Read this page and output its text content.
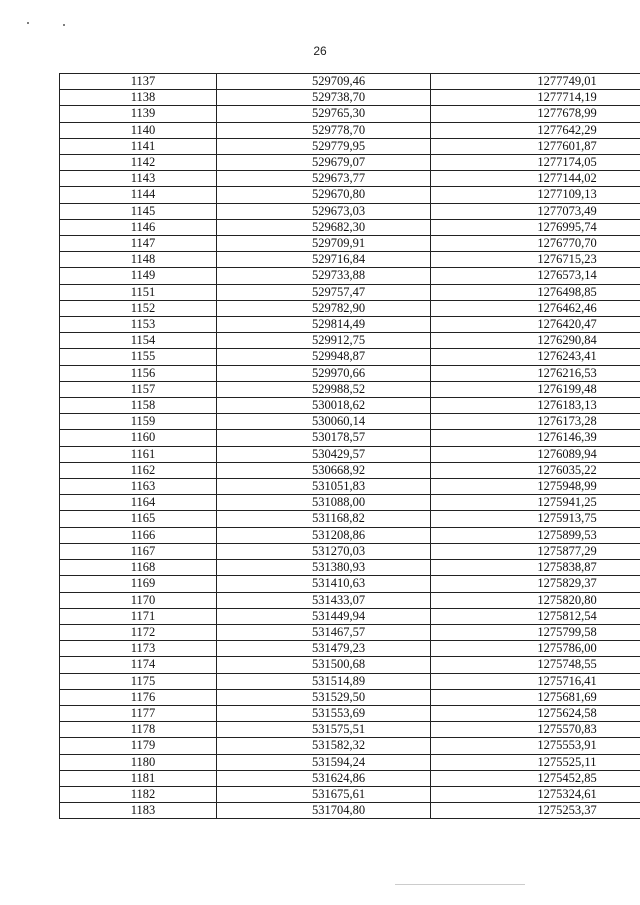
26
1137	529709,46	1277749,01
1138	529738,70	1277714,19
1139	529765,30	1277678,99
1140	529778,70	1277642,29
1141	529779,95	1277601,87
1142	529679,07	1277174,05
1143	529673,77	1277144,02
1144	529670,80	1277109,13
1145	529673,03	1277073,49
1146	529682,30	1276995,74
1147	529709,91	1276770,70
1148	529716,84	1276715,23
1149	529733,88	1276573,14
1151	529757,47	1276498,85
1152	529782,90	1276462,46
1153	529814,49	1276420,47
1154	529912,75	1276290,84
1155	529948,87	1276243,41
1156	529970,66	1276216,53
1157	529988,52	1276199,48
1158	530018,62	1276183,13
1159	530060,14	1276173,28
1160	530178,57	1276146,39
1161	530429,57	1276089,94
1162	530668,92	1276035,22
1163	531051,83	1275948,99
1164	531088,00	1275941,25
1165	531168,82	1275913,75
1166	531208,86	1275899,53
1167	531270,03	1275877,29
1168	531380,93	1275838,87
1169	531410,63	1275829,37
1170	531433,07	1275820,80
1171	531449,94	1275812,54
1172	531467,57	1275799,58
1173	531479,23	1275786,00
1174	531500,68	1275748,55
1175	531514,89	1275716,41
1176	531529,50	1275681,69
1177	531553,69	1275624,58
1178	531575,51	1275570,83
1179	531582,32	1275553,91
1180	531594,24	1275525,11
1181	531624,86	1275452,85
1182	531675,61	1275324,61
1183	531704,80	1275253,37
